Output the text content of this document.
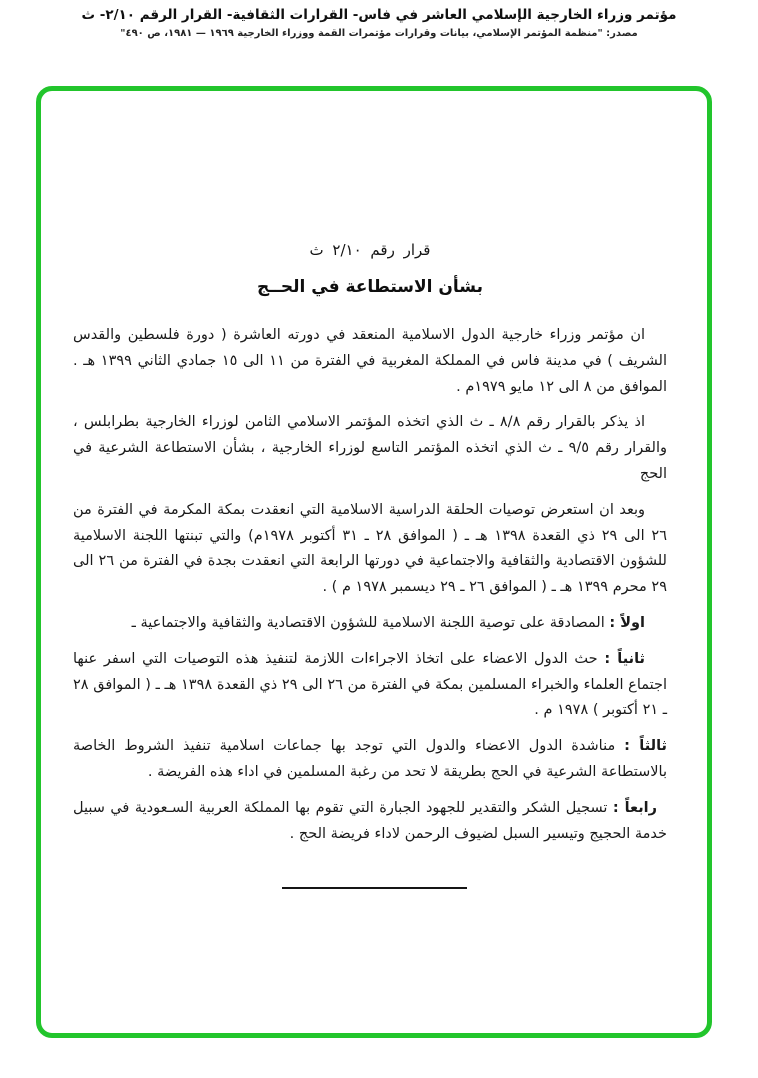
مؤتمر وزراء الخارجية الإسلامي العاشر في فاس- القرارات الثقافية- القرار الرقم ٢/١٠- ث
مصدر: "منظمة المؤتمر الإسلامي، بيانات وقرارات مؤتمرات القمة ووزراء الخارجية ١٩٦٩ — ١٩٨١، ص ٤٩٠"
قرار رقم ٢/١٠ ث
بشأن الاستطاعة في الحــج

ان مؤتمر وزراء خارجية الدول الاسلامية المنعقد في دورته العاشرة ( دورة فلسطين والقدس الشريف ) في مدينة فاس في المملكة المغربية في الفترة من ١١ الى ١٥ جمادي الثاني ١٣٩٩ هـ . الموافق من ٨ الى ١٢ مايو ١٩٧٩م .

اذ يذكر بالقرار رقم ٨/٨ ـ ث الذي اتخذه المؤتمر الاسلامي الثامن لوزراء الخارجية بطرابلس ، والقرار رقم ٩/٥ ـ ث الذي اتخذه المؤتمر التاسع لوزراء الخارجية ، بشأن الاستطاعة الشرعية في الحج

وبعد ان استعرض توصيات الحلقة الدراسية الاسلامية التي انعقدت بمكة المكرمة في الفترة من ٢٦ الى ٢٩ ذي القعدة ١٣٩٨ هـ ـ ( الموافق ٢٨ ـ ٣١ أكتوبر ١٩٧٨م) والتي تبنتها اللجنة الاسلامية للشؤون الاقتصادية والثقافية والاجتماعية في دورتها الرابعة التي انعقدت بجدة في الفترة من ٢٦ الى ٢٩ محرم ١٣٩٩ هـ ـ ( الموافق ٢٦ ـ ٢٩ ديسمبر ١٩٧٨ م ) .

اولاً : المصادقة على توصية اللجنة الاسلامية للشؤون الاقتصادية والثقافية والاجتماعية ـ

ثانياً : حث الدول الاعضاء على اتخاذ الاجراءات اللازمة لتنفيذ هذه التوصيات التي اسفر عنها اجتماع العلماء والخبراء المسلمين بمكة في الفترة من ٢٦ الى ٢٩ ذي القعدة ١٣٩٨ هـ ـ ( الموافق ٢٨ ـ ٢١ أكتوبر ) ١٩٧٨ م .

ثالثاً : مناشدة الدول الاعضاء والدول التي توجد بها جماعات اسلامية تنفيذ الشروط الخاصة بالاستطاعة الشرعية في الحج بطريقة لا تحد من رغبة المسلمين في اداء هذه الفريضة .

رابعاً : تسجيل الشكر والتقدير للجهود الجبارة التي تقوم بها المملكة العربية السـعودية في سبيل خدمة الحجيج وتيسير السبل لضيوف الرحمن لاداء فريضة الحج .
